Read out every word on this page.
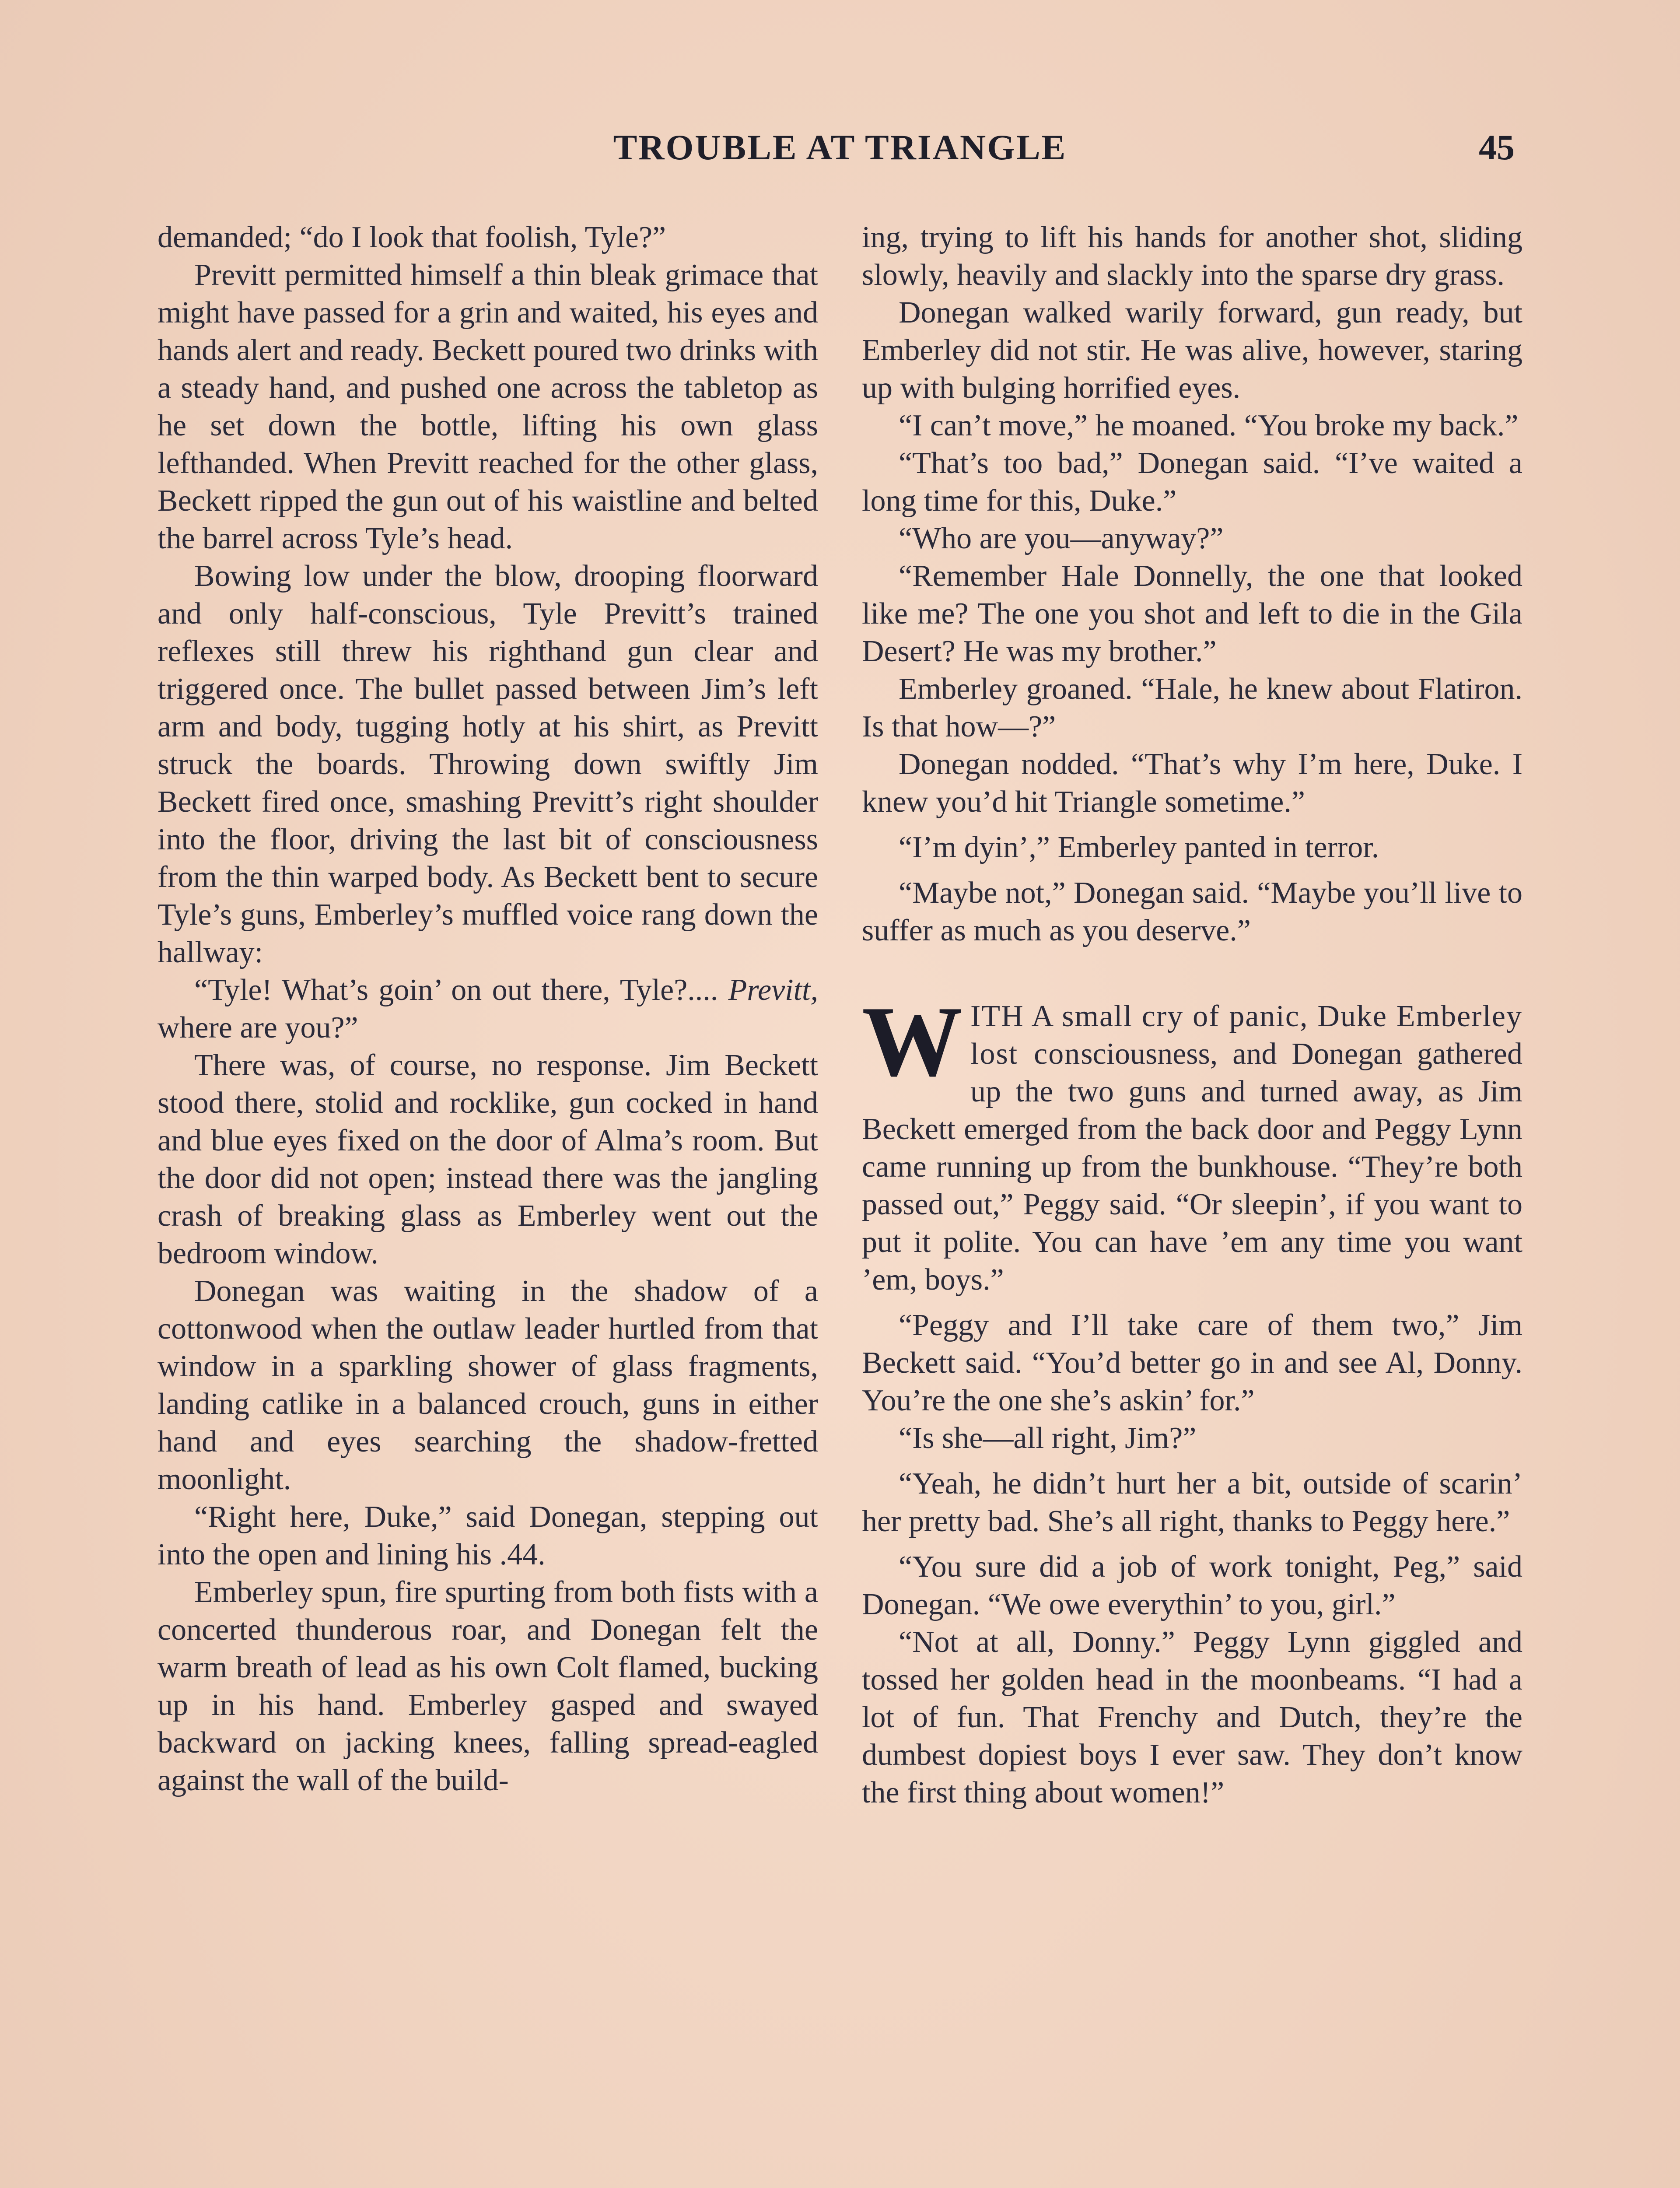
TROUBLE AT TRIANGLE	45

demanded; “do I look that foolish, Tyle?”

Previtt permitted himself a thin bleak grimace that might have passed for a grin and waited, his eyes and hands alert and ready. Beckett poured two drinks with a steady hand, and pushed one across the tabletop as he set down the bottle, lifting his own glass lefthanded. When Previtt reached for the other glass, Beckett ripped the gun out of his waistline and belted the barrel across Tyle’s head.

Bowing low under the blow, drooping floorward and only half-conscious, Tyle Previtt’s trained reflexes still threw his righthand gun clear and triggered once. The bullet passed between Jim’s left arm and body, tugging hotly at his shirt, as Previtt struck the boards. Throwing down swiftly Jim Beckett fired once, smashing Previtt’s right shoulder into the floor, driving the last bit of consciousness from the thin warped body. As Beckett bent to secure Tyle’s guns, Emberley’s muffled voice rang down the hallway:

“Tyle! What’s goin’ on out there, Tyle?.... Previtt, where are you?”

There was, of course, no response. Jim Beckett stood there, stolid and rocklike, gun cocked in hand and blue eyes fixed on the door of Alma’s room. But the door did not open; instead there was the jangling crash of breaking glass as Emberley went out the bedroom window.

Donegan was waiting in the shadow of a cottonwood when the outlaw leader hurtled from that window in a sparkling shower of glass fragments, landing catlike in a balanced crouch, guns in either hand and eyes searching the shadow-fretted moonlight.

“Right here, Duke,” said Donegan, stepping out into the open and lining his .44.

Emberley spun, fire spurting from both fists with a concerted thunderous roar, and Donegan felt the warm breath of lead as his own Colt flamed, bucking up in his hand. Emberley gasped and swayed backward on jacking knees, falling spread-eagled against the wall of the build-

ing, trying to lift his hands for another shot, sliding slowly, heavily and slackly into the sparse dry grass.

Donegan walked warily forward, gun ready, but Emberley did not stir. He was alive, however, staring up with bulging horrified eyes.

“I can’t move,” he moaned. “You broke my back.”

“That’s too bad,” Donegan said. “I’ve waited a long time for this, Duke.”

“Who are you—anyway?”

“Remember Hale Donnelly, the one that looked like me? The one you shot and left to die in the Gila Desert? He was my brother.”

Emberley groaned. “Hale, he knew about Flatiron. Is that how—?”

Donegan nodded. “That’s why I’m here, Duke. I knew you’d hit Triangle sometime.”

“I’m dyin’,” Emberley panted in terror.

“Maybe not,” Donegan said. “Maybe you’ll live to suffer as much as you deserve.”

WITH A small cry of panic, Duke Emberley lost consciousness, and Donegan gathered up the two guns and turned away, as Jim Beckett emerged from the back door and Peggy Lynn came running up from the bunkhouse. “They’re both passed out,” Peggy said. “Or sleepin’, if you want to put it polite. You can have ’em any time you want ’em, boys.”

“Peggy and I’ll take care of them two,” Jim Beckett said. “You’d better go in and see Al, Donny. You’re the one she’s askin’ for.”

“Is she—all right, Jim?”

“Yeah, he didn’t hurt her a bit, outside of scarin’ her pretty bad. She’s all right, thanks to Peggy here.”

“You sure did a job of work tonight, Peg,” said Donegan. “We owe everythin’ to you, girl.”

“Not at all, Donny.” Peggy Lynn giggled and tossed her golden head in the moonbeams. “I had a lot of fun. That Frenchy and Dutch, they’re the dumbest dopiest boys I ever saw. They don’t know the first thing about women!”
